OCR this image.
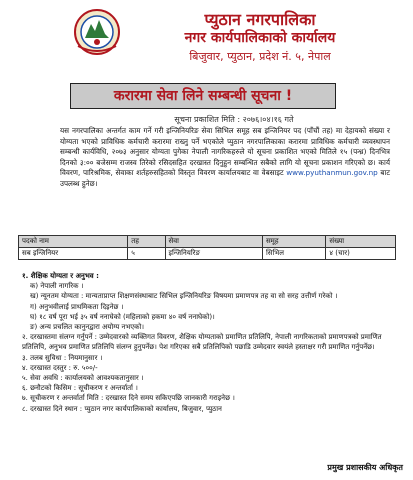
प्युठान नगरपालिका
नगर कार्यपालिकाको कार्यालय
बिजुवार, प्युठान, प्रदेश नं. ५, नेपाल
करारमा सेवा लिने सम्बन्धी सूचना !
सूचना प्रकाशित मिति : २०७६।०४।१६ गते
यस नगरपालिका अन्तर्गत काम गर्ने गरी इन्जिनियरिङ सेवा सिभिल समूह सब इन्जिनियर पद (पाँचौं तह) मा देहायको संख्या र योग्यता भएको प्राविधिक कर्मचारी करारमा राख्नु पर्ने भएकोले प्युठान नगरपालिकाका करारमा प्राविधिक कर्मचारी व्यवस्थापन सम्बन्धी कार्यविधि, २०७३ अनुसार योग्यता पुगेका नेपाली नागरिकहरुले यो सूचना प्रकाशित भएको मितिले १५ (पन्ध्र) दिनभित्र दिनको ३:०० बजेसम्म राजस्व तिरेको रसिदसहित दरखास्त दिनुहुन सम्बन्धित सबैको लागि यो सूचना प्रकाशन गरिएको छ। कार्य विवरण, पारिश्रमिक, सेवाका शर्तहरुसहितको विस्तृत विवरण कार्यालयबाट वा वेबसाइट www.pyuthanmun.gov.np बाट उपलब्ध हुनेछ।
पदको नाम	तह	सेवा	समूह	संख्या
सब इन्जिनियर	५	इन्जिनियरिङ	सिभिल	४ (चार)
१. शैक्षिक योग्यता र अनुभव :
क) नेपाली नागरिक ।
ख) न्यूनतम योग्यता : मान्यताप्राप्त शिक्षणसंस्थाबाट सिभिल इन्जिनियरिङ विषयमा प्रमाणपत्र तह वा सो सरह उत्तीर्ण गरेको ।
ग) अनुभवीलाई प्राथमिकता दिइनेछ ।
घ) १८ वर्ष पूरा भई ३५ वर्ष ननाघेको (महिलाको हकमा ४० वर्ष ननाघेको)।
ङ) अन्य प्रचलित कानुनद्वारा अयोग्य नभएको।
२. दरखास्तमा संलग्न गर्नुपर्ने : उम्मेदवारको व्यक्तिगत विवरण, शैक्षिक योग्यताको प्रमाणित प्रतिलिपि, नेपाली नागरिकताको प्रमाणपत्रको प्रमाणित प्रतिलिपि, अनुभव प्रमाणित प्रतिलिपि संलग्न हुनुपर्नेछ। पेश गरिएका सबै प्रतिलिपिको पछाडि उम्मेदवार स्वयंले हस्ताक्षर गरी प्रमाणित गर्नुपर्नेछ।
३. तलब सुविधा : नियमानुसार ।
४. दरखास्त दस्तुर : रु. ५००/-
५. सेवा अवधि : कार्यालयको आवश्यकतानुसार ।
६. छनौटको किसिम : सूचीकरण र अन्तर्वार्ता ।
७. सूचीकरण र अन्तर्वार्ता मिति : दरखास्त दिने समय सकिएपछि जानकारी गराइनेछ ।
८. दरखास्त दिने स्थान : प्युठान नगर कार्यपालिकाको कार्यालय, बिजुवार, प्युठान
प्रमुख प्रशासकीय अधिकृत
